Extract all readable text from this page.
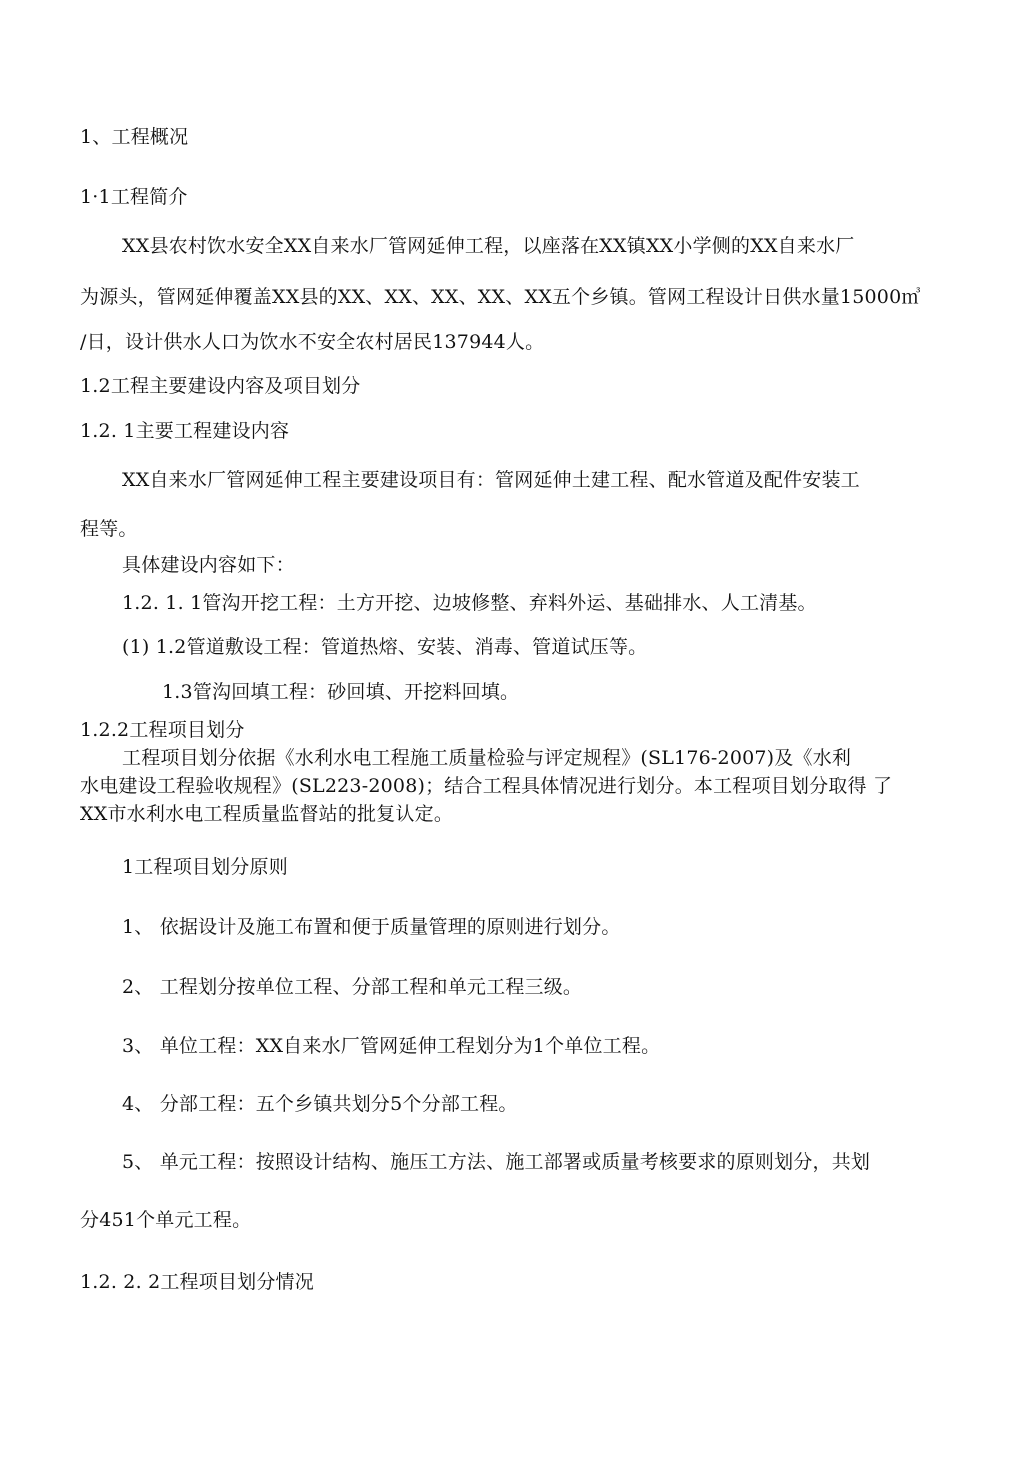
1、工程概况
1·1工程简介
XX县农村饮水安全XX自来水厂管网延伸工程，以座落在XX镇XX小学侧的XX自来水厂
为源头，管网延伸覆盖XX县的XX、XX、XX、XX、XX五个乡镇。管网工程设计日供水量15000㎥
/日，设计供水人口为饮水不安全农村居民137944人。
1.2工程主要建设内容及项目划分
1.2. 1主要工程建设内容
XX自来水厂管网延伸工程主要建设项目有：管网延伸土建工程、配水管道及配件安装工
程等。
具体建设内容如下：
1.2. 1. 1管沟开挖工程：土方开挖、边坡修整、弃料外运、基础排水、人工清基。
(1) 1.2管道敷设工程：管道热熔、安装、消毒、管道试压等。
1.3管沟回填工程：砂回填、开挖料回填。
1.2.2工程项目划分
工程项目划分依据《水利水电工程施工质量检验与评定规程》(SL176-2007)及《水利
水电建设工程验收规程》(SL223-2008)；结合工程具体情况进行划分。本工程项目划分取得 了
XX市水利水电工程质量监督站的批复认定。
1工程项目划分原则
1、 依据设计及施工布置和便于质量管理的原则进行划分。
2、 工程划分按单位工程、分部工程和单元工程三级。
3、 单位工程：XX自来水厂管网延伸工程划分为1个单位工程。
4、 分部工程：五个乡镇共划分5个分部工程。
5、 单元工程：按照设计结构、施压工方法、施工部署或质量考核要求的原则划分，共划
分451个单元工程。
1.2. 2. 2工程项目划分情况
